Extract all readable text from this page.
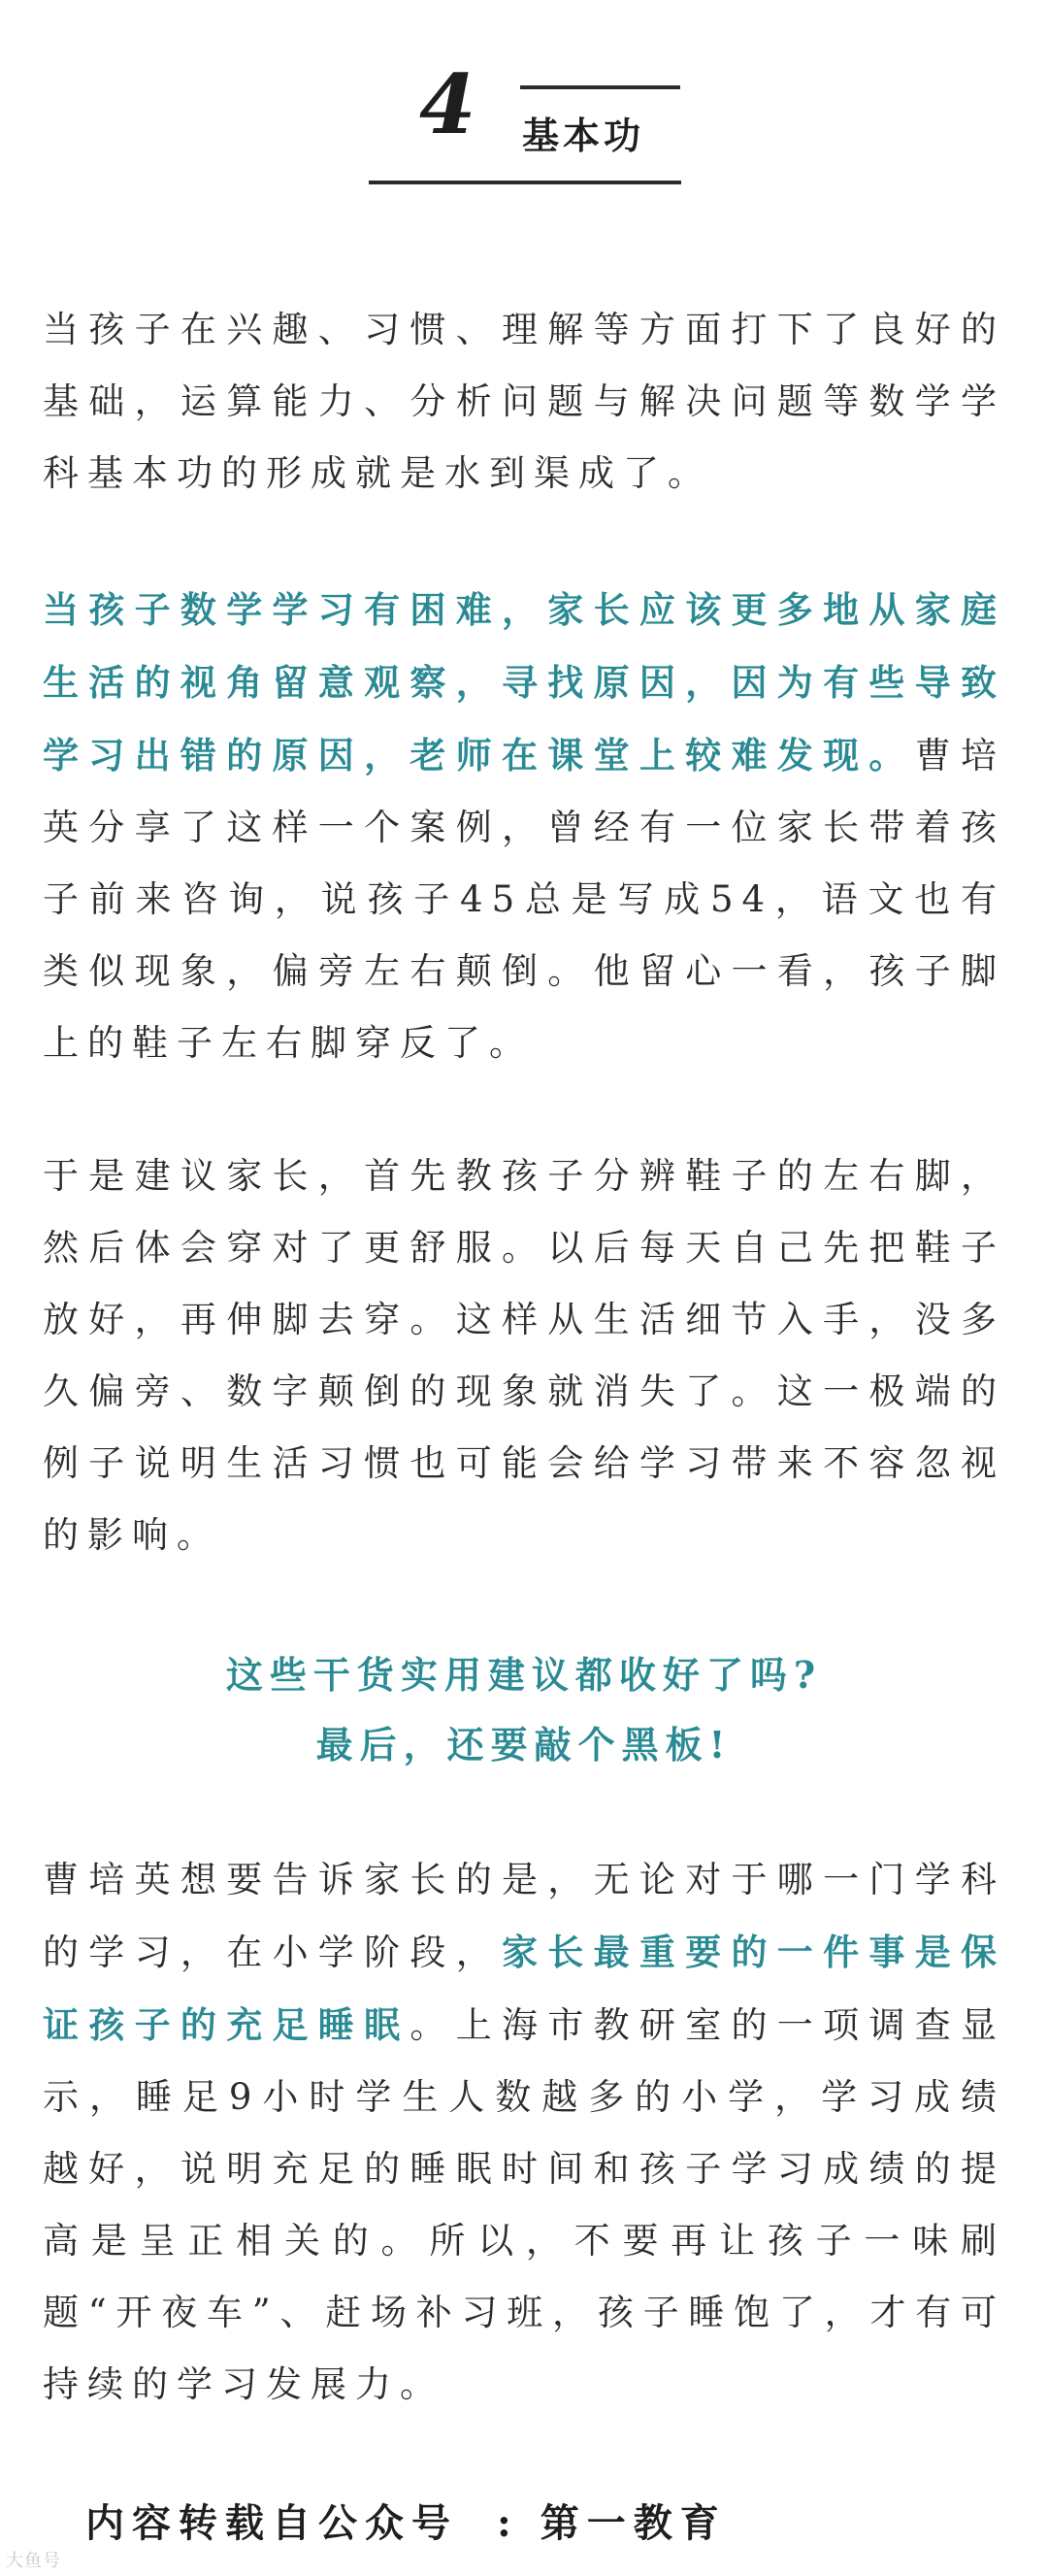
4	基本功

当孩子在兴趣、习惯、理解等方面打下了良好的基础，运算能力、分析问题与解决问题等数学学科基本功的形成就是水到渠成了。

当孩子数学学习有困难，家长应该更多地从家庭生活的视角留意观察，寻找原因，因为有些导致学习出错的原因，老师在课堂上较难发现。曹培英分享了这样一个案例，曾经有一位家长带着孩子前来咨询，说孩子45总是写成54，语文也有类似现象，偏旁左右颠倒。他留心一看，孩子脚上的鞋子左右脚穿反了。

于是建议家长，首先教孩子分辨鞋子的左右脚，然后体会穿对了更舒服。以后每天自己先把鞋子放好，再伸脚去穿。这样从生活细节入手，没多久偏旁、数字颠倒的现象就消失了。这一极端的例子说明生活习惯也可能会给学习带来不容忽视的影响。

这些干货实用建议都收好了吗?
最后，还要敲个黑板!

曹培英想要告诉家长的是，无论对于哪一门学科的学习，在小学阶段，家长最重要的一件事是保证孩子的充足睡眠。上海市教研室的一项调查显示，睡足9小时学生人数越多的小学，学习成绩越好，说明充足的睡眠时间和孩子学习成绩的提高是呈正相关的。所以，不要再让孩子一味刷题“开夜车”、赶场补习班，孩子睡饱了，才有可持续的学习发展力。

内容转载自公众号 : 第一教育
大鱼号
